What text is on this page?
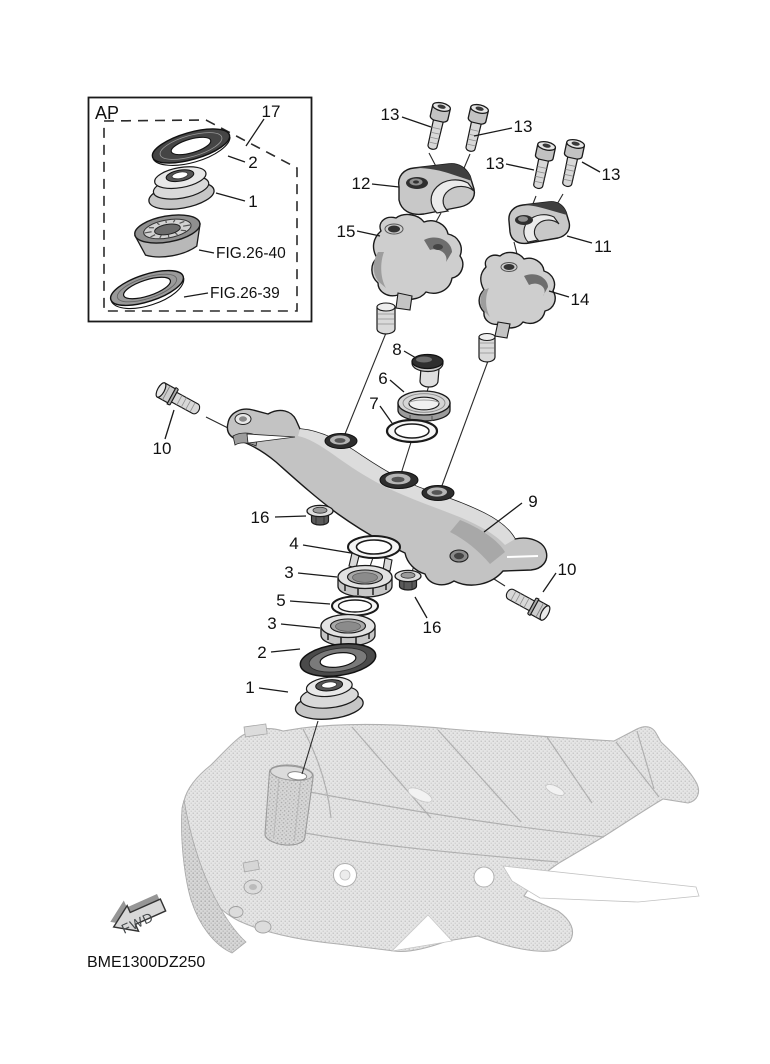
AP	17
2
1
FIG.26-40
FIG.26-39
13
13
13
13
12
15
11
14
8
6
7
10
16
9
10
4
3
5
3
2
1
16
FWD
BME1300DZ250
